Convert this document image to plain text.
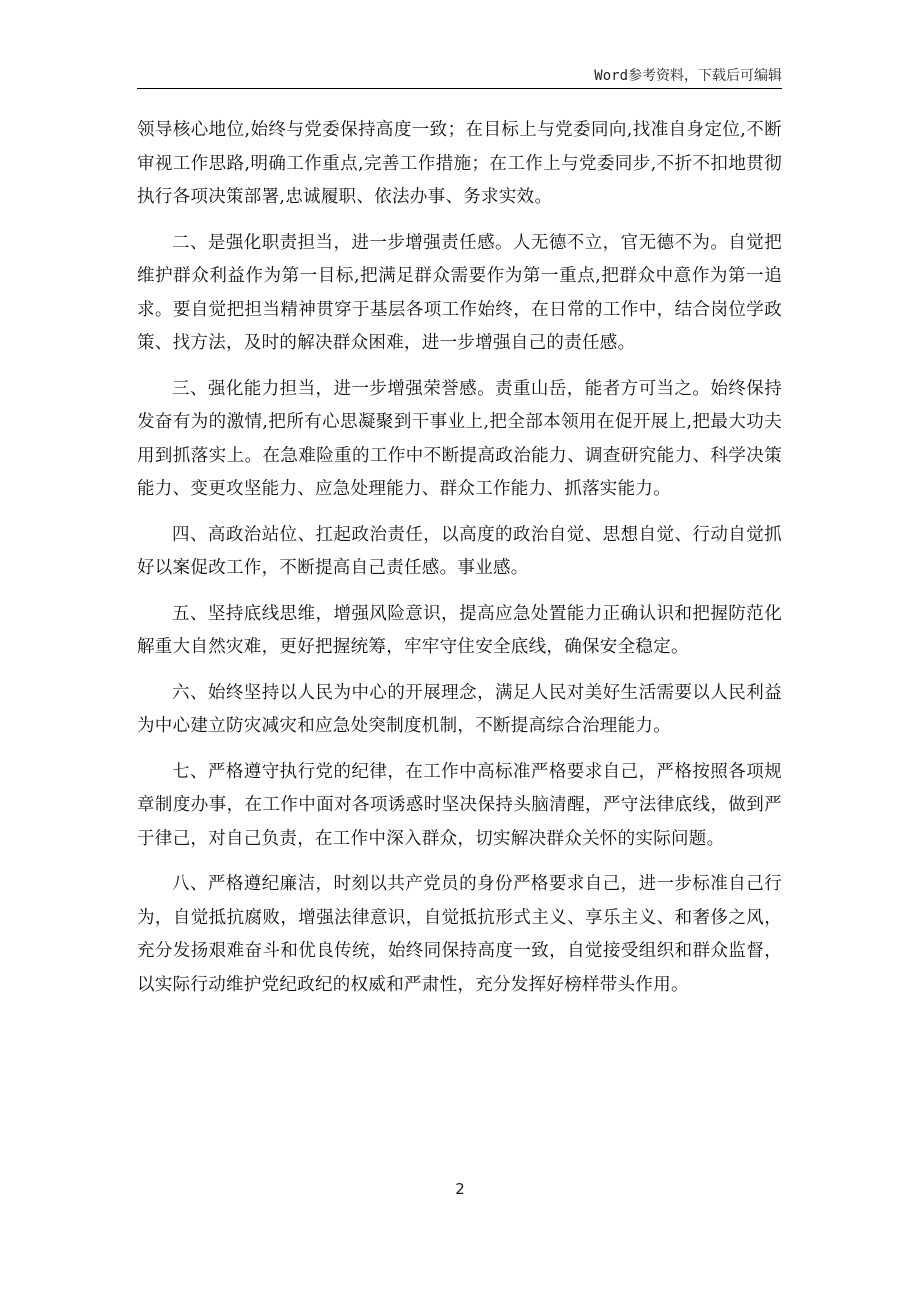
Word参考资料，下载后可编辑

领导核心地位,始终与党委保持高度一致；在目标上与党委同向,找准自身定位,不断审视工作思路,明确工作重点,完善工作措施；在工作上与党委同步,不折不扣地贯彻执行各项决策部署,忠诚履职、依法办事、务求实效。

二、是强化职责担当，进一步增强责任感。人无德不立，官无德不为。自觉把维护群众利益作为第一目标,把满足群众需要作为第一重点,把群众中意作为第一追求。要自觉把担当精神贯穿于基层各项工作始终，在日常的工作中，结合岗位学政策、找方法，及时的解决群众困难，进一步增强自己的责任感。

三、强化能力担当，进一步增强荣誉感。责重山岳，能者方可当之。始终保持发奋有为的激情,把所有心思凝聚到干事业上,把全部本领用在促开展上,把最大功夫用到抓落实上。在急难险重的工作中不断提高政治能力、调查研究能力、科学决策能力、变更攻坚能力、应急处理能力、群众工作能力、抓落实能力。

四、高政治站位、扛起政治责任，以高度的政治自觉、思想自觉、行动自觉抓好以案促改工作，不断提高自己责任感。事业感。

五、坚持底线思维，增强风险意识，提高应急处置能力正确认识和把握防范化解重大自然灾难，更好把握统筹，牢牢守住安全底线，确保安全稳定。

六、始终坚持以人民为中心的开展理念，满足人民对美好生活需要以人民利益为中心建立防灾减灾和应急处突制度机制，不断提高综合治理能力。

七、严格遵守执行党的纪律，在工作中高标准严格要求自己，严格按照各项规章制度办事，在工作中面对各项诱惑时坚决保持头脑清醒，严守法律底线，做到严于律己，对自己负责，在工作中深入群众，切实解决群众关怀的实际问题。

八、严格遵纪廉洁，时刻以共产党员的身份严格要求自己，进一步标准自己行为，自觉抵抗腐败，增强法律意识，自觉抵抗形式主义、享乐主义、和奢侈之风，充分发扬艰难奋斗和优良传统，始终同保持高度一致，自觉接受组织和群众监督，以实际行动维护党纪政纪的权威和严肃性，充分发挥好榜样带头作用。

2
